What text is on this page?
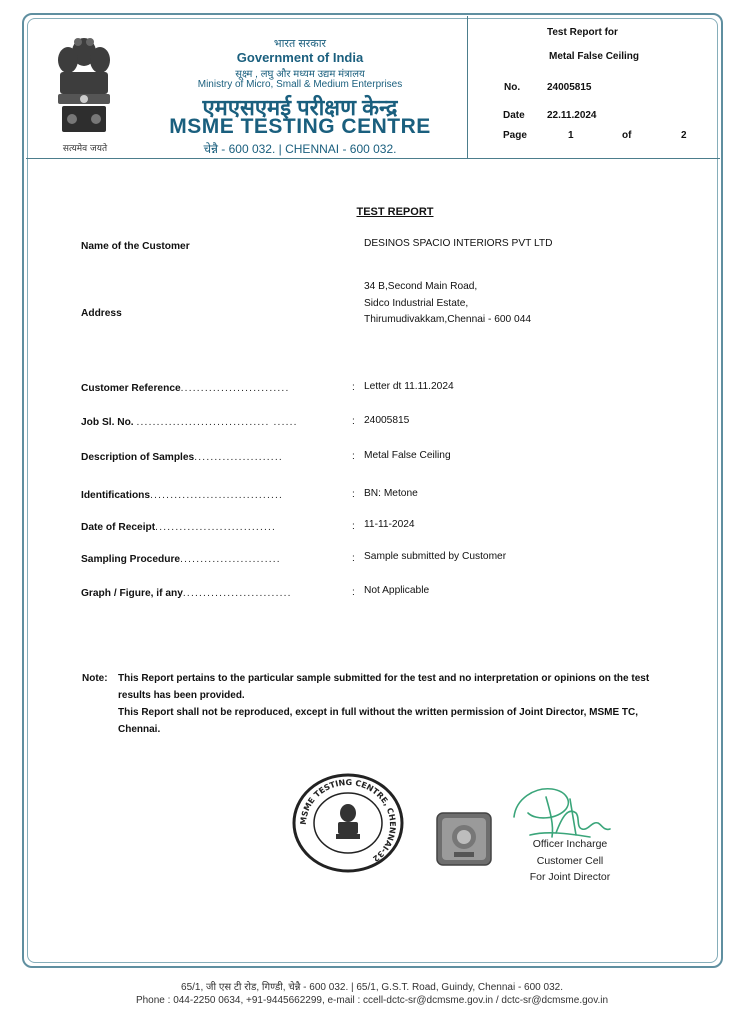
सत्यमेव जयते
भारत सरकार
Government of India
सूक्ष्म , लघु और मध्यम उद्यम मंत्रालय
Ministry of Micro, Small & Medium Enterprises
एमएसएमई परीक्षण केन्द्र
MSME TESTING CENTRE
चेन्नै - 600 032. | CHENNAI - 600 032.
Test Report for
Metal False Ceiling
No.	24005815
Date 22.11.2024
Page	1	of	2
TEST REPORT
Name of the Customer	DESINOS SPACIO INTERIORS PVT LTD
Address
34 B,Second Main Road,
Sidco Industrial Estate,
Thirumudivakkam,Chennai - 600 044
Customer Reference...........................	: Letter dt 11.11.2024
Job Sl. No. ................................. ......	: 24005815
Description of Samples......................	: Metal False Ceiling
Identifications.................................	: BN: Metone
Date of Receipt..............................	: 11-11-2024
Sampling Procedure.........................	: Sample submitted by Customer
Graph / Figure, if any...........................	: Not Applicable
Note: This Report pertains to the particular sample submitted for the test and no interpretation or opinions on the test
results has been provided.
This Report shall not be reproduced, except in full without the written permission of Joint Director, MSME TC,
Chennai.
MSME TESTING CENTRE, CHENNAI-32
Officer Incharge
Customer Cell
For Joint Director
65/1, जी एस टी रोड, गिण्डी, चेन्नै - 600 032. | 65/1, G.S.T. Road, Guindy, Chennai - 600 032.
Phone : 044-2250 0634, +91-9445662299, e-mail : ccell-dctc-sr@dcmsme.gov.in / dctc-sr@dcmsme.gov.in
